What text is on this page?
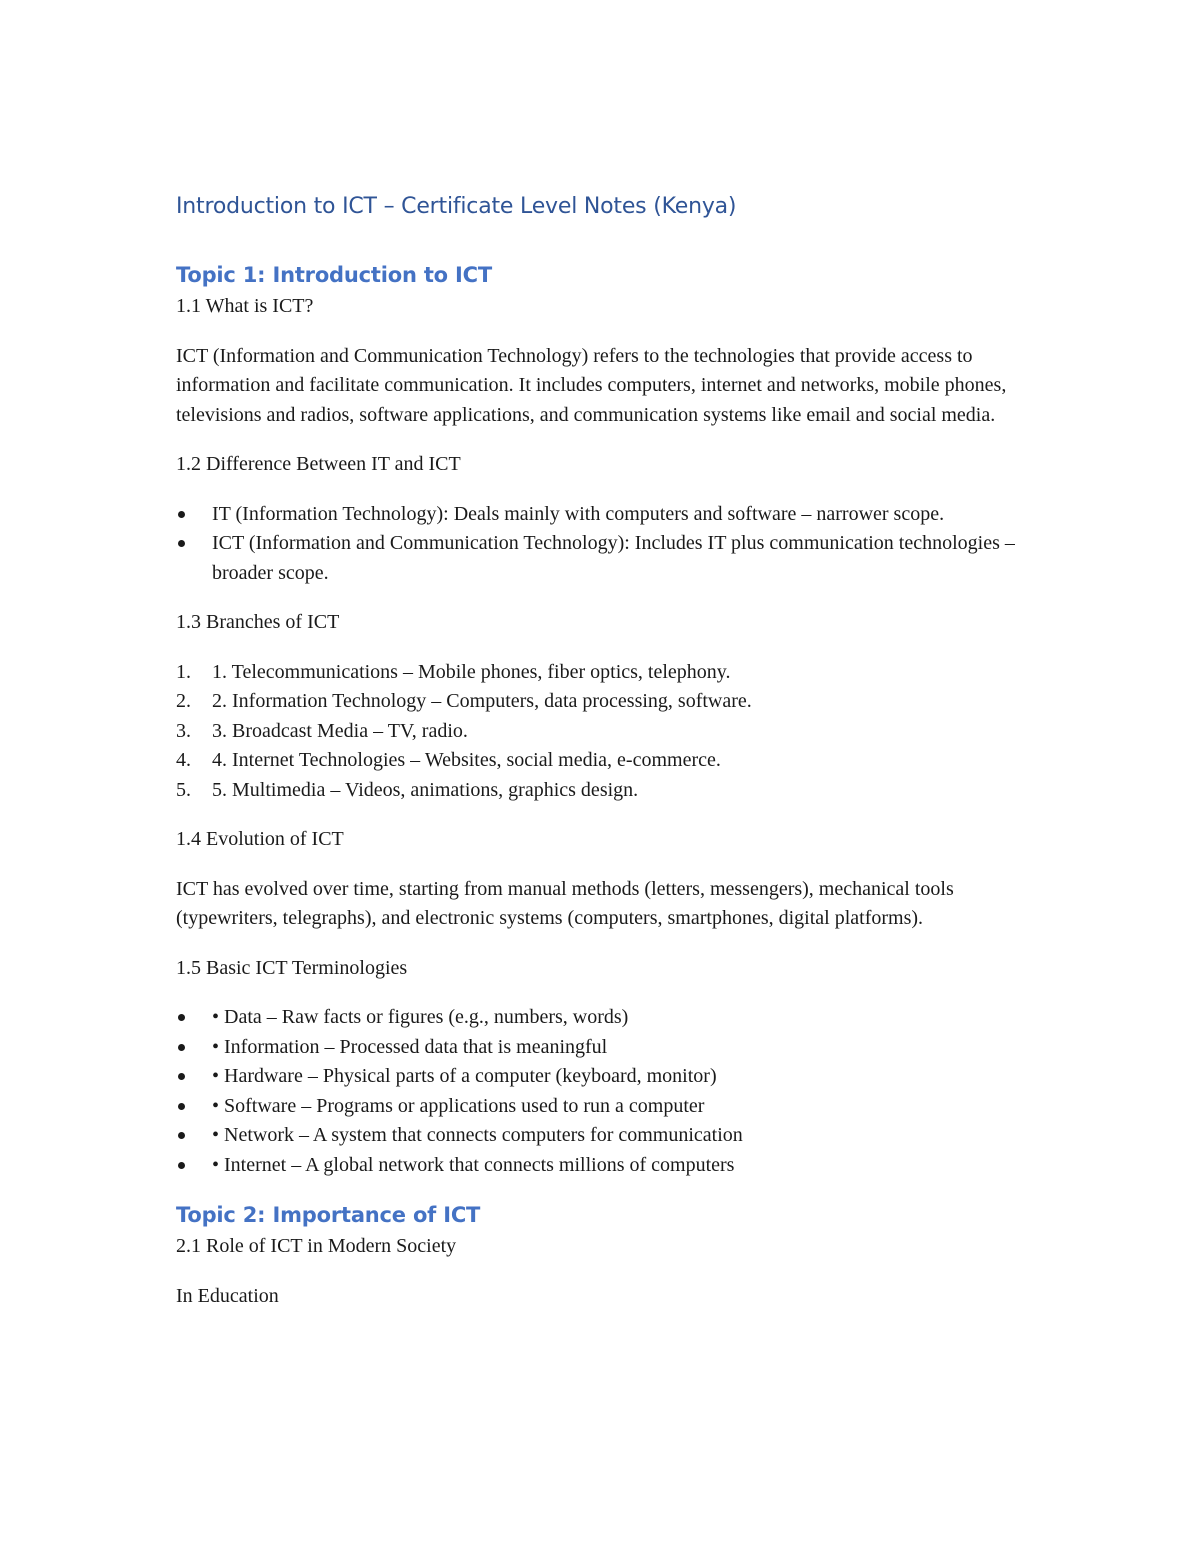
Introduction to ICT – Certificate Level Notes (Kenya)
Topic 1: Introduction to ICT
1.1 What is ICT?

ICT (Information and Communication Technology) refers to the technologies that provide access to information and facilitate communication. It includes computers, internet and networks, mobile phones, televisions and radios, software applications, and communication systems like email and social media.

1.2 Difference Between IT and ICT
IT (Information Technology): Deals mainly with computers and software – narrower scope.
ICT (Information and Communication Technology): Includes IT plus communication technologies – broader scope.
1.3 Branches of ICT
1. 1. Telecommunications – Mobile phones, fiber optics, telephony.
2. 2. Information Technology – Computers, data processing, software.
3. 3. Broadcast Media – TV, radio.
4. 4. Internet Technologies – Websites, social media, e-commerce.
5. 5. Multimedia – Videos, animations, graphics design.
1.4 Evolution of ICT

ICT has evolved over time, starting from manual methods (letters, messengers), mechanical tools (typewriters, telegraphs), and electronic systems (computers, smartphones, digital platforms).

1.5 Basic ICT Terminologies
• Data – Raw facts or figures (e.g., numbers, words)
• Information – Processed data that is meaningful
• Hardware – Physical parts of a computer (keyboard, monitor)
• Software – Programs or applications used to run a computer
• Network – A system that connects computers for communication
• Internet – A global network that connects millions of computers
Topic 2: Importance of ICT
2.1 Role of ICT in Modern Society
In Education
